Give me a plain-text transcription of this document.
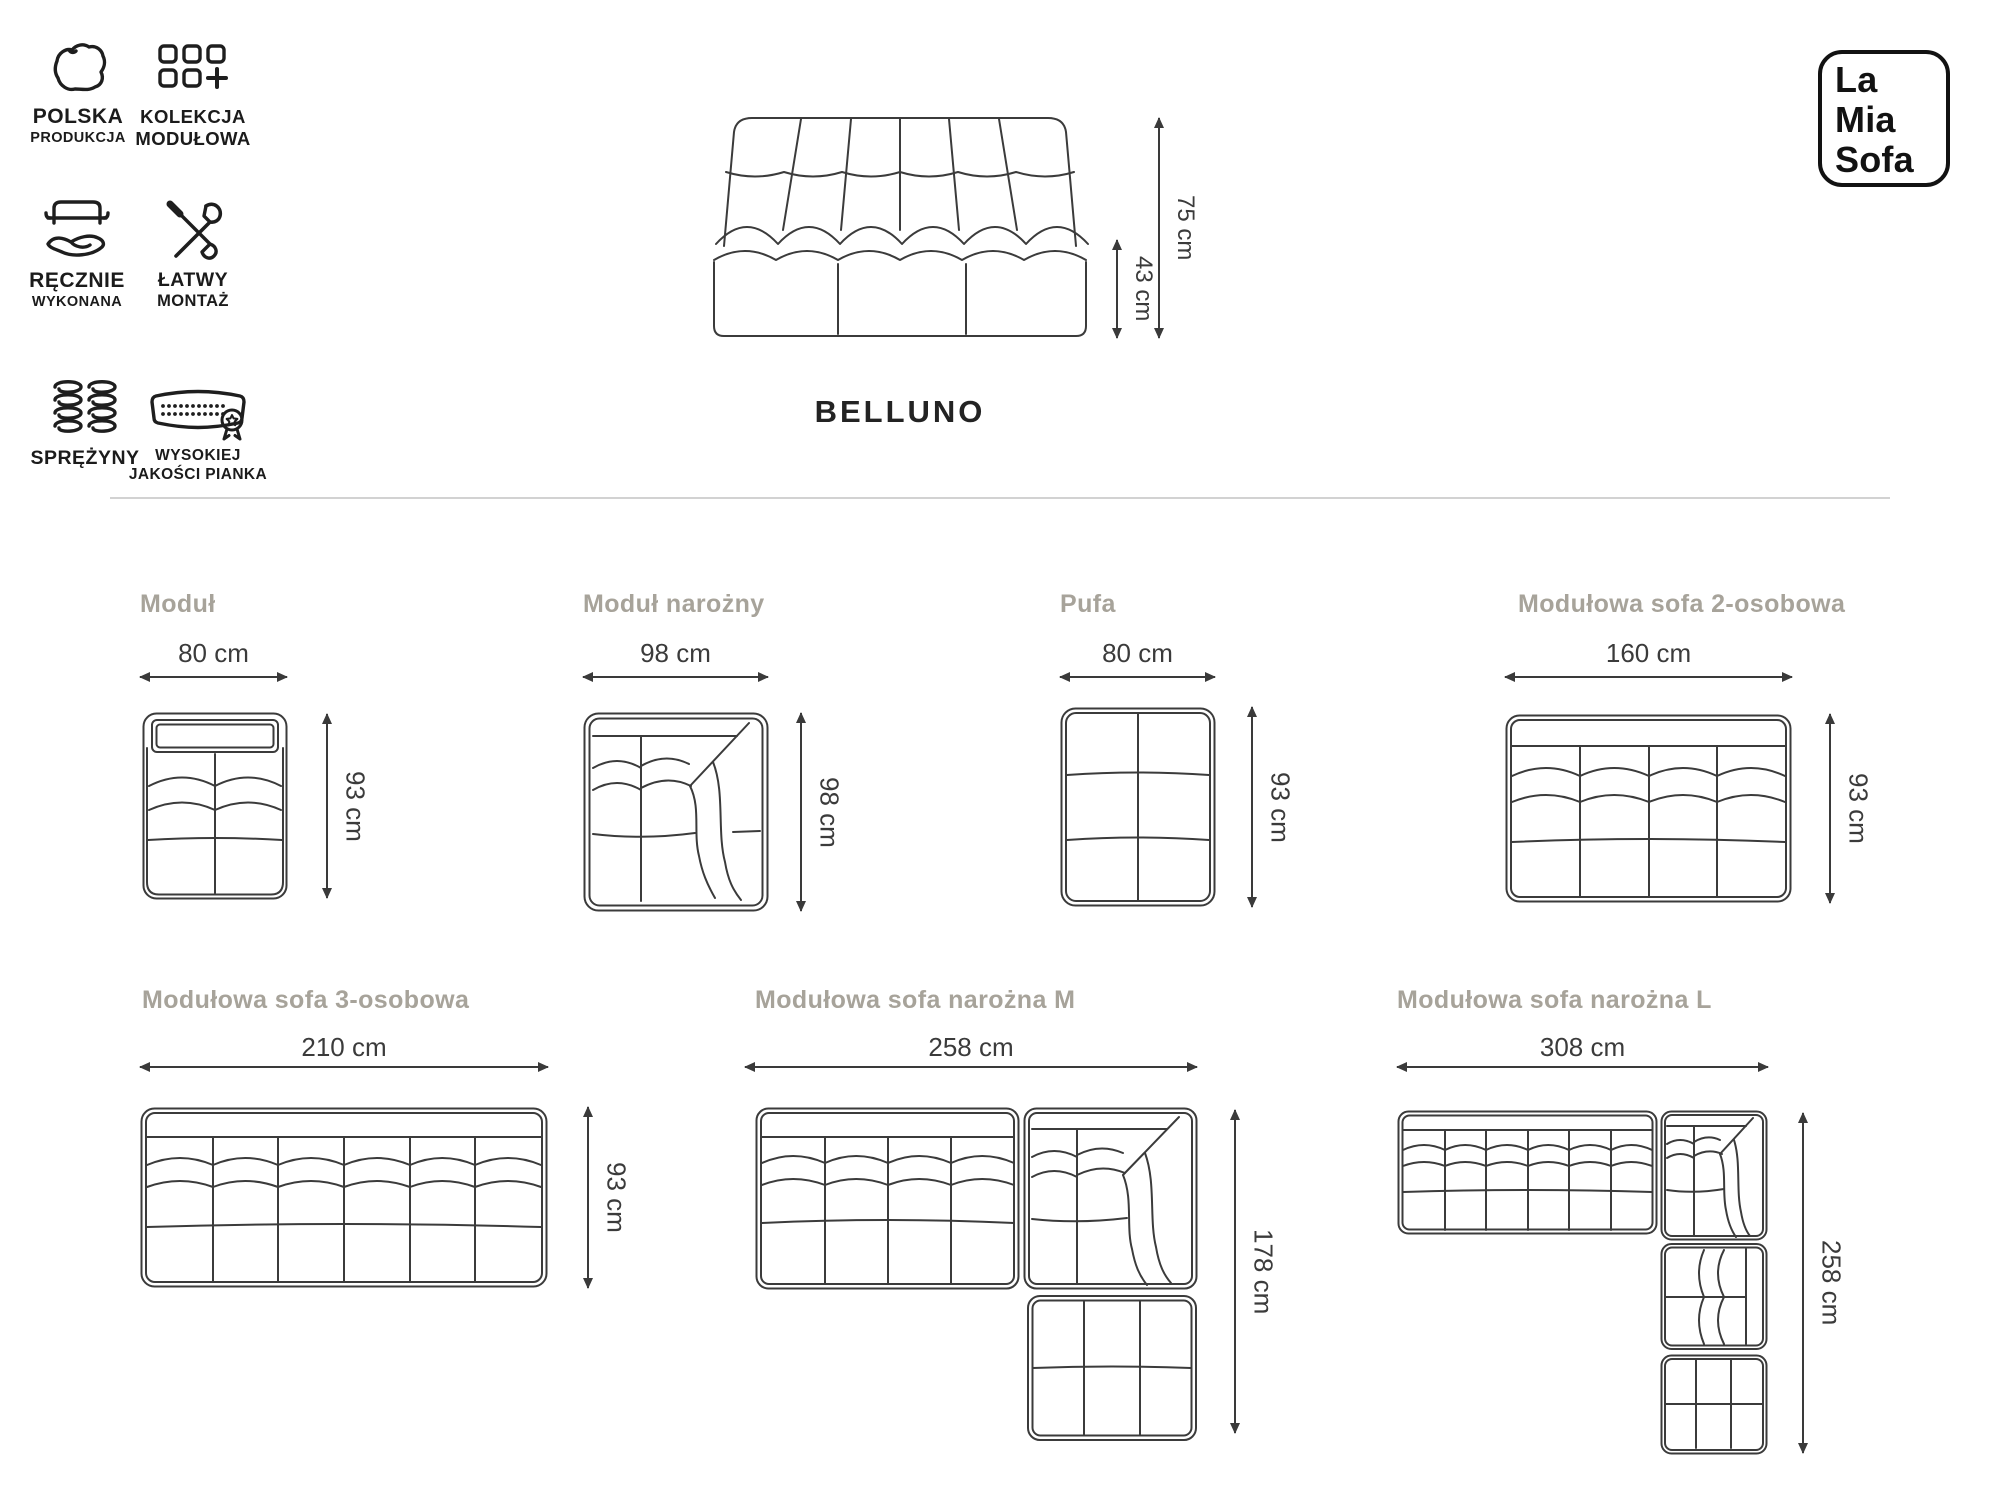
POLSKA
PRODUKCJA
KOLEKCJA
MODUŁOWA
RĘCZNIE
WYKONANA
ŁATWY
MONTAŻ
SPRĘŻYNY WYSOKIEJ
JAKOŚCI PIANKA
La
Mia
Sofa
43 cm
75 cm
BELLUNO
Moduł
80 cm
93 cm
Moduł narożny
98 cm
98 cm
Pufa
80 cm
93 cm
Modułowa sofa 2-osobowa
160 cm
93 cm
Modułowa sofa 3-osobowa
210 cm
93 cm
Modułowa sofa narożna M
258 cm
178 cm
Modułowa sofa narożna L
308 cm
258 cm
